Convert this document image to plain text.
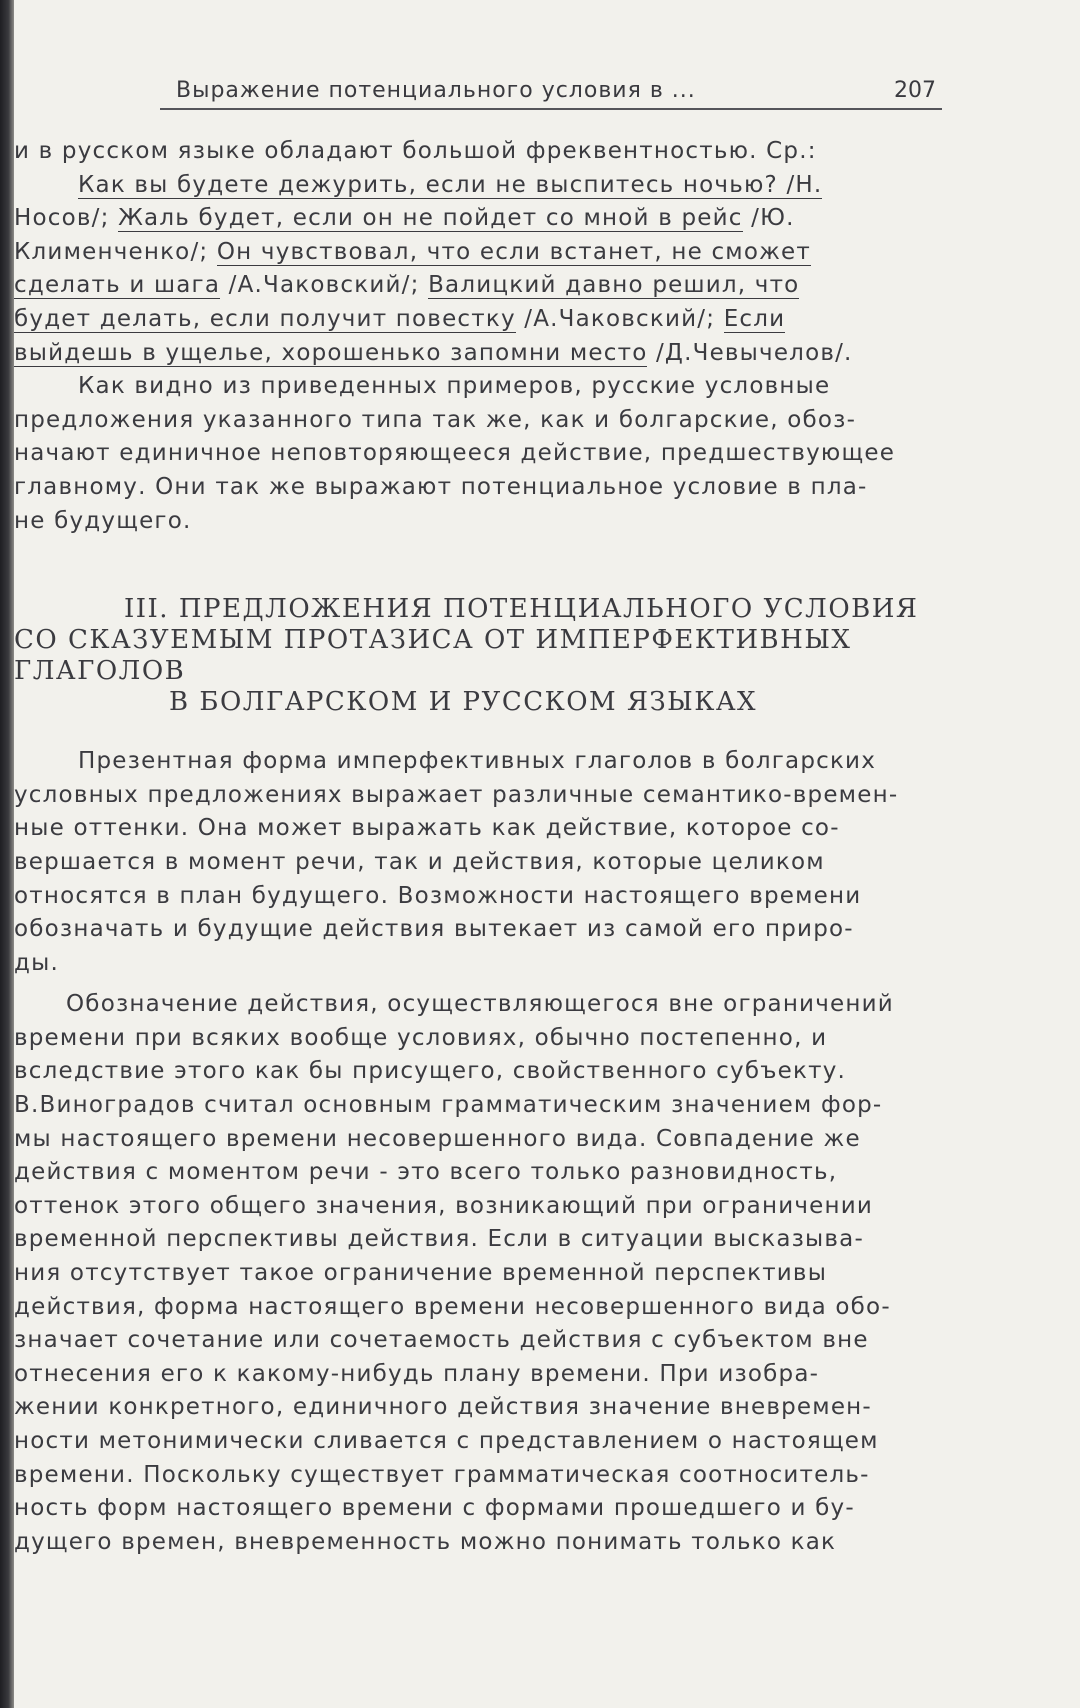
Выражение потенциального условия в ...	207
и в русском языке обладают большой фреквентностью. Ср.:
Как вы будете дежурить, если не выспитесь ночью? /Н.
Носов/; Жаль будет, если он не пойдет со мной в рейс /Ю.
Клименченко/; Он чувствовал, что если встанет, не сможет
сделать и шага /А.Чаковский/; Валицкий давно решил, что
будет делать, если получит повестку /А.Чаковский/; Если
выйдешь в ущелье, хорошенько запомни место /Д.Чевычелов/.
Как видно из приведенных примеров, русские условные
предложения указанного типа так же, как и болгарские, обоз-
начают единичное неповторяющееся действие, предшествующее
главному. Они так же выражают потенциальное условие в пла-
не будущего.
III. ПРЕДЛОЖЕНИЯ ПОТЕНЦИАЛЬНОГО УСЛОВИЯ
СО СКАЗУЕМЫМ ПРОТАЗИСА ОТ ИМПЕРФЕКТИВНЫХ ГЛАГОЛОВ
В БОЛГАРСКОМ И РУССКОМ ЯЗЫКАХ
Презентная форма имперфективных глаголов в болгарских
условных предложениях выражает различные семантико-времен-
ные оттенки. Она может выражать как действие, которое со-
вершается в момент речи, так и действия, которые целиком
относятся в план будущего. Возможности настоящего времени
обозначать и будущие действия вытекает из самой его приро-
ды.
Обозначение действия, осуществляющегося вне ограничений
времени при всяких вообще условиях, обычно постепенно, и
вследствие этого как бы присущего, свойственного субъекту.
В.Виноградов считал основным грамматическим значением фор-
мы настоящего времени несовершенного вида. Совпадение же
действия с моментом речи - это всего только разновидность,
оттенок этого общего значения, возникающий при ограничении
временной перспективы действия. Если в ситуации высказыва-
ния отсутствует такое ограничение временной перспективы
действия, форма настоящего времени несовершенного вида обо-
значает сочетание или сочетаемость действия с субъектом вне
отнесения его к какому-нибудь плану времени. При изобра-
жении конкретного, единичного действия значение вневремен-
ности метонимически сливается с представлением о настоящем
времени. Поскольку существует грамматическая соотноситель-
ность форм настоящего времени с формами прошедшего и бу-
дущего времен, вневременность можно понимать только как
